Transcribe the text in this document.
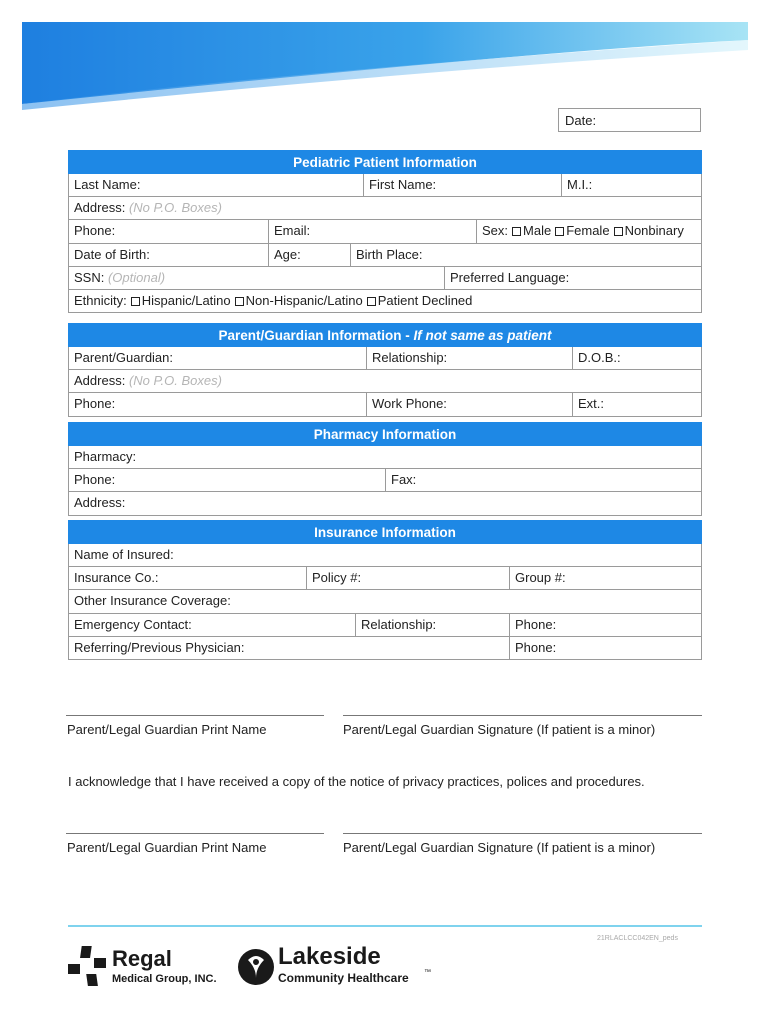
Date:
Pediatric Patient Information
Last Name:	First Name:	M.I.:
Address: (No P.O. Boxes)
Phone:	Email:	Sex: Male Female Nonbinary
Date of Birth:	Age:	Birth Place:
SSN: (Optional)	Preferred Language:
Ethnicity: Hispanic/Latino Non-Hispanic/Latino Patient Declined
Parent/Guardian Information - If not same as patient
Parent/Guardian:	Relationship:	D.O.B.:
Address: (No P.O. Boxes)
Phone:	Work Phone:	Ext.:
Pharmacy Information
Pharmacy:
Phone:	Fax:
Address:
Insurance Information
Name of Insured:
Insurance Co.:	Policy #:	Group #:
Other Insurance Coverage:
Emergency Contact:	Relationship:	Phone:
Referring/Previous Physician:	Phone:
Parent/Legal Guardian Print Name	Parent/Legal Guardian Signature (If patient is a minor)
I acknowledge that I have received a copy of the notice of privacy practices, polices and procedures.
Parent/Legal Guardian Print Name	Parent/Legal Guardian Signature (If patient is a minor)
21RLACLCC042EN_peds
Regal
Medical Group, INC.
Lakeside
Community Healthcare ™
